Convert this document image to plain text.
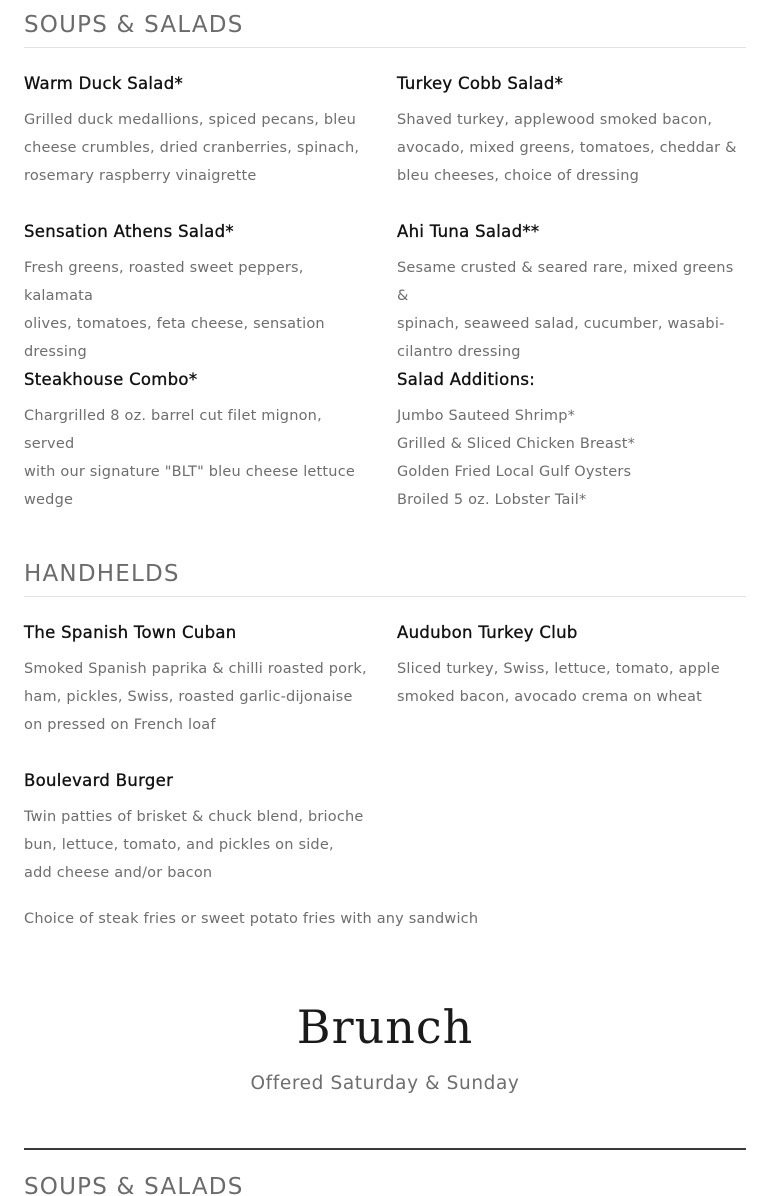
SOUPS & SALADS
Warm Duck Salad*
Grilled duck medallions, spiced pecans, bleu
cheese crumbles, dried cranberries, spinach,
rosemary raspberry vinaigrette
Turkey Cobb Salad*
Shaved turkey, applewood smoked bacon,
avocado, mixed greens, tomatoes, cheddar &
bleu cheeses, choice of dressing
Sensation Athens Salad*
Fresh greens, roasted sweet peppers, kalamata
olives, tomatoes, feta cheese, sensation dressing
Ahi Tuna Salad**
Sesame crusted & seared rare, mixed greens &
spinach, seaweed salad, cucumber, wasabi-
cilantro dressing
Steakhouse Combo*
Chargrilled 8 oz. barrel cut filet mignon, served
with our signature "BLT" bleu cheese lettuce
wedge
Salad Additions:
Jumbo Sauteed Shrimp*
Grilled & Sliced Chicken Breast*
Golden Fried Local Gulf Oysters
Broiled 5 oz. Lobster Tail*
HANDHELDS
The Spanish Town Cuban
Smoked Spanish paprika & chilli roasted pork,
ham, pickles, Swiss, roasted garlic-dijonaise
on pressed on French loaf
Audubon Turkey Club
Sliced turkey, Swiss, lettuce, tomato, apple
smoked bacon, avocado crema on wheat
Boulevard Burger
Twin patties of brisket & chuck blend, brioche
bun, lettuce, tomato, and pickles on side,
add cheese and/or bacon
Choice of steak fries or sweet potato fries with any sandwich
Brunch
Offered Saturday & Sunday
SOUPS & SALADS
